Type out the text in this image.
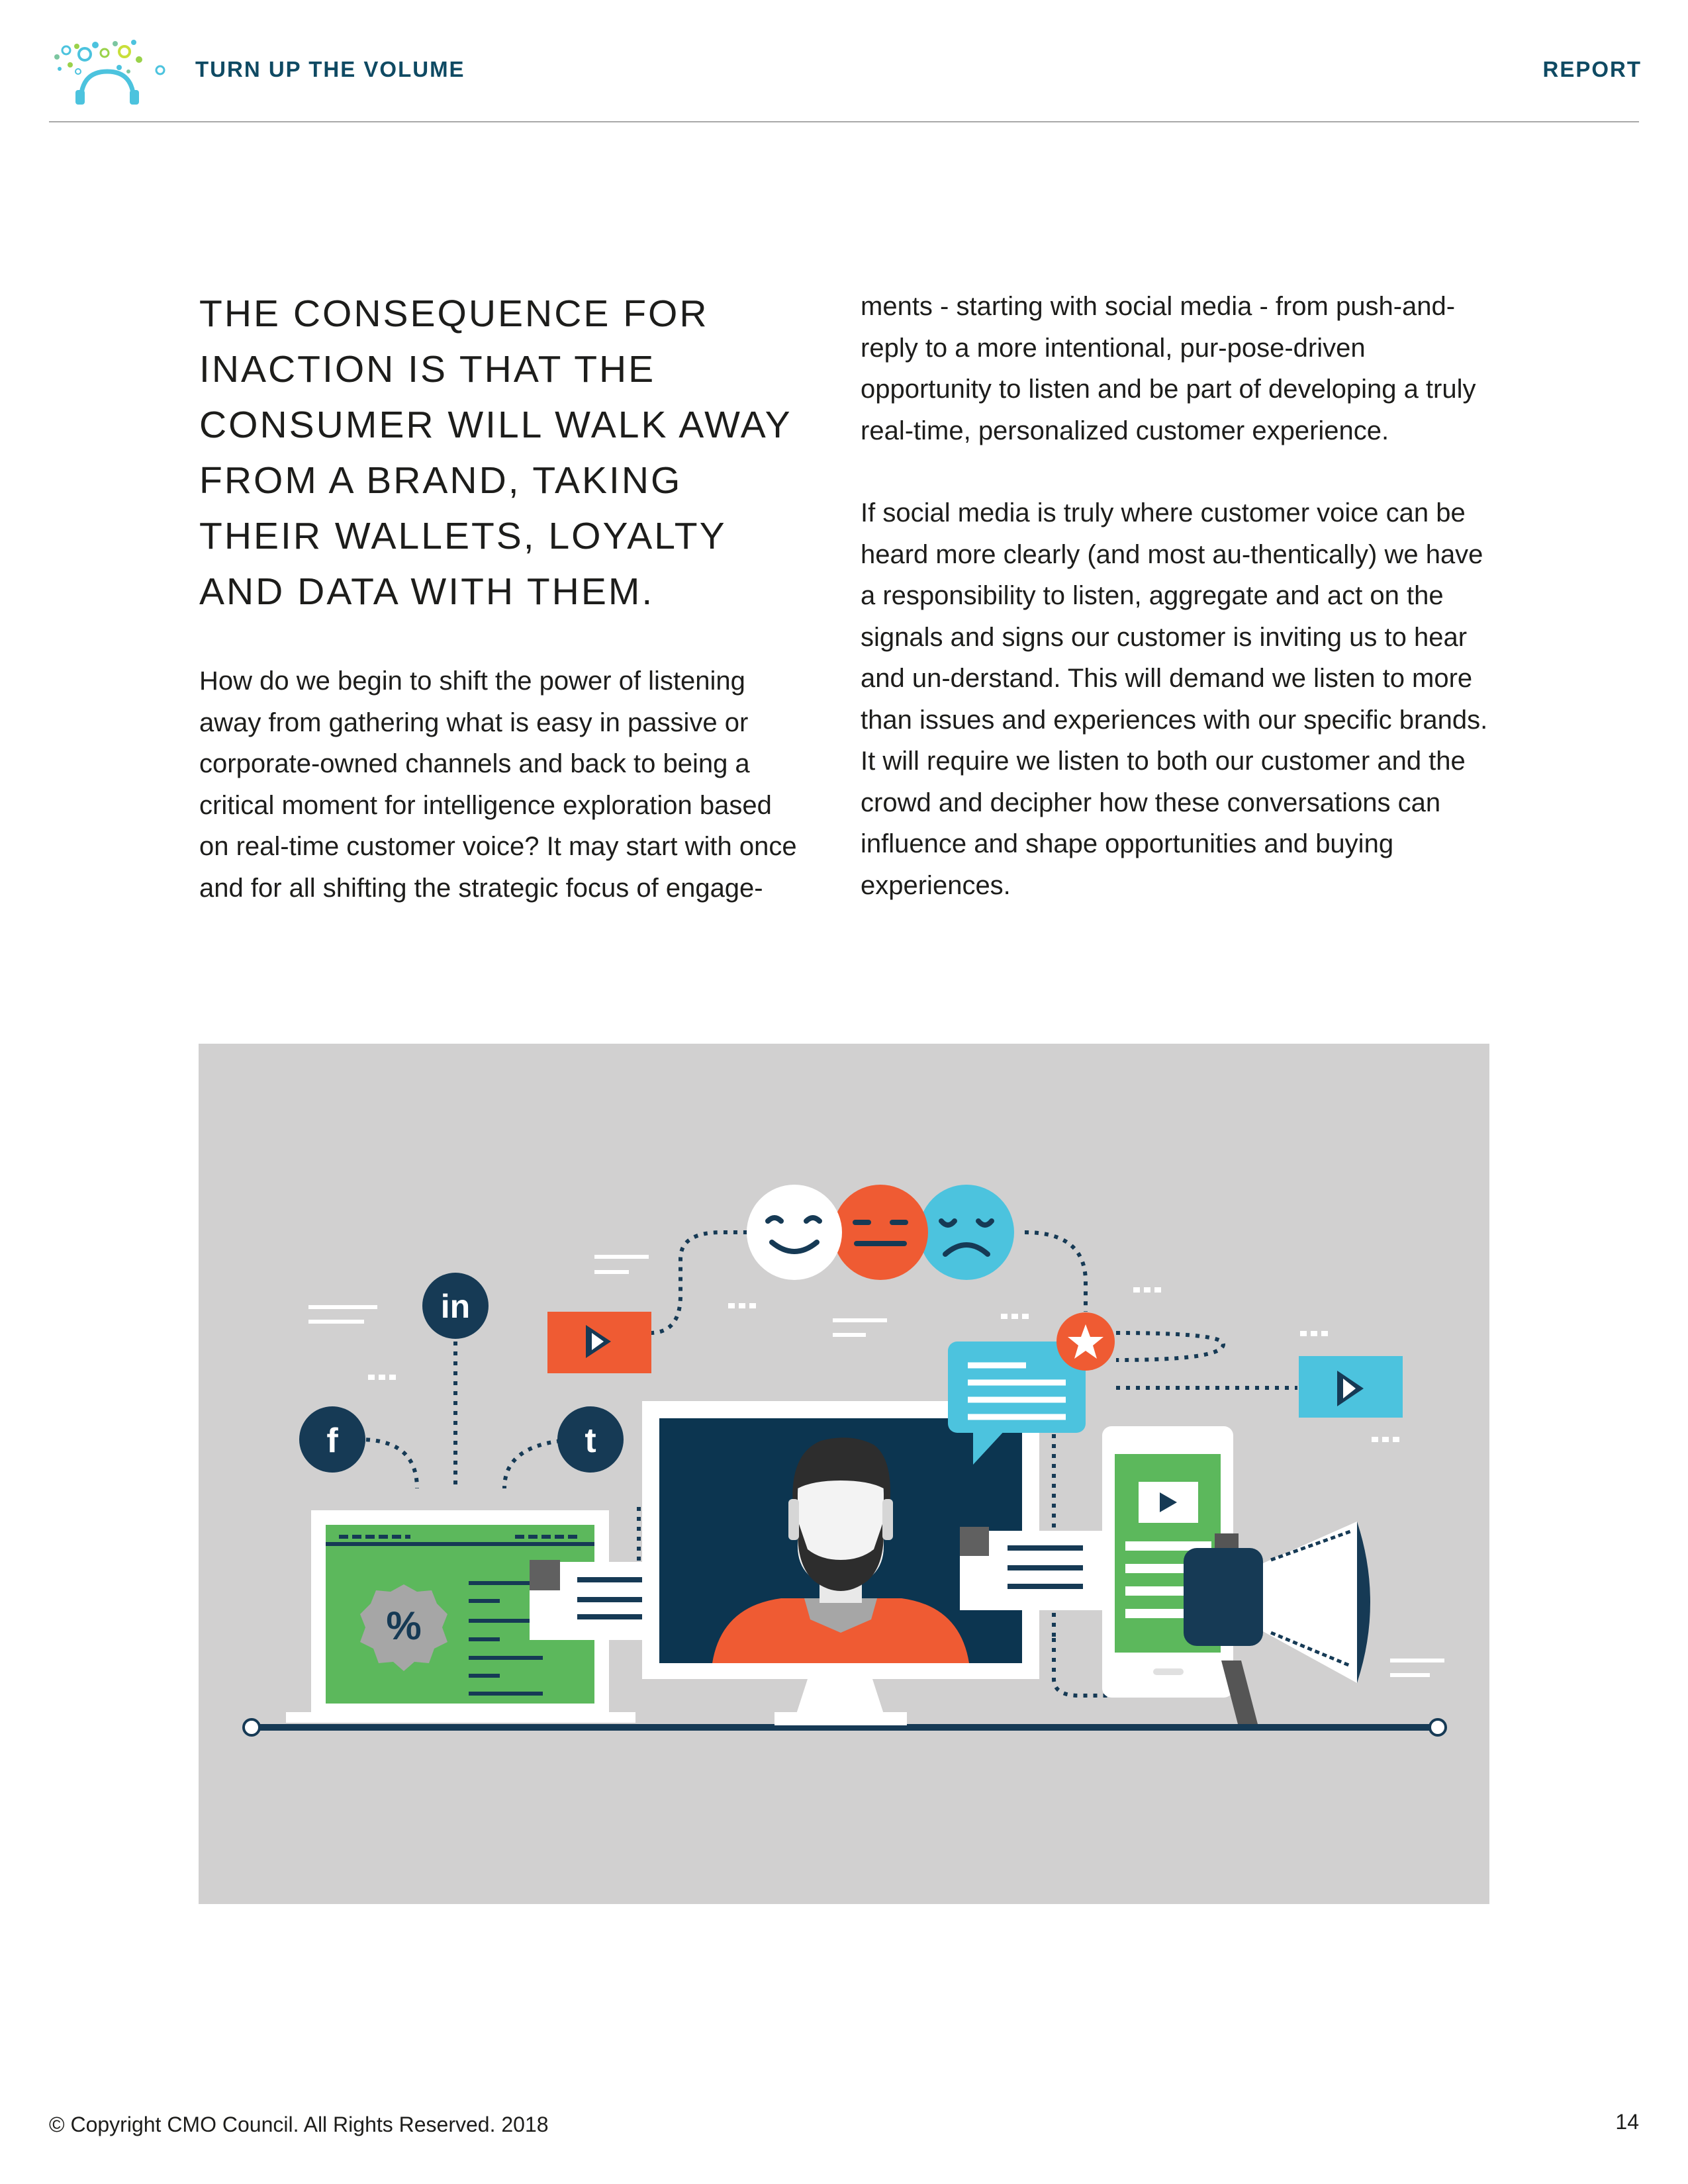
TURN UP THE VOLUME	REPORT
THE CONSEQUENCE FOR INACTION IS THAT THE CONSUMER WILL WALK AWAY FROM A BRAND, TAKING THEIR WALLETS, LOYALTY AND DATA WITH THEM.

How do we begin to shift the power of listening away from gathering what is easy in passive or corporate-owned channels and back to being a critical moment for intelligence exploration based on real-time customer voice? It may start with once and for all shifting the strategic focus of engage-

ments - starting with social media - from push-and-reply to a more intentional, pur-pose-driven opportunity to listen and be part of developing a truly real-time, personalized customer experience.

If social media is truly where customer voice can be heard more clearly (and most au-thentically) we have a responsibility to listen, aggregate and act on the signals and signs our customer is inviting us to hear and un-derstand. This will demand we listen to more than issues and experiences with our specific brands. It will require we listen to both our customer and the crowd and decipher how these conversations can influence and shape opportunities and buying experiences.

%
in
f	t
© Copyright CMO Council. All Rights Reserved. 2018	14
